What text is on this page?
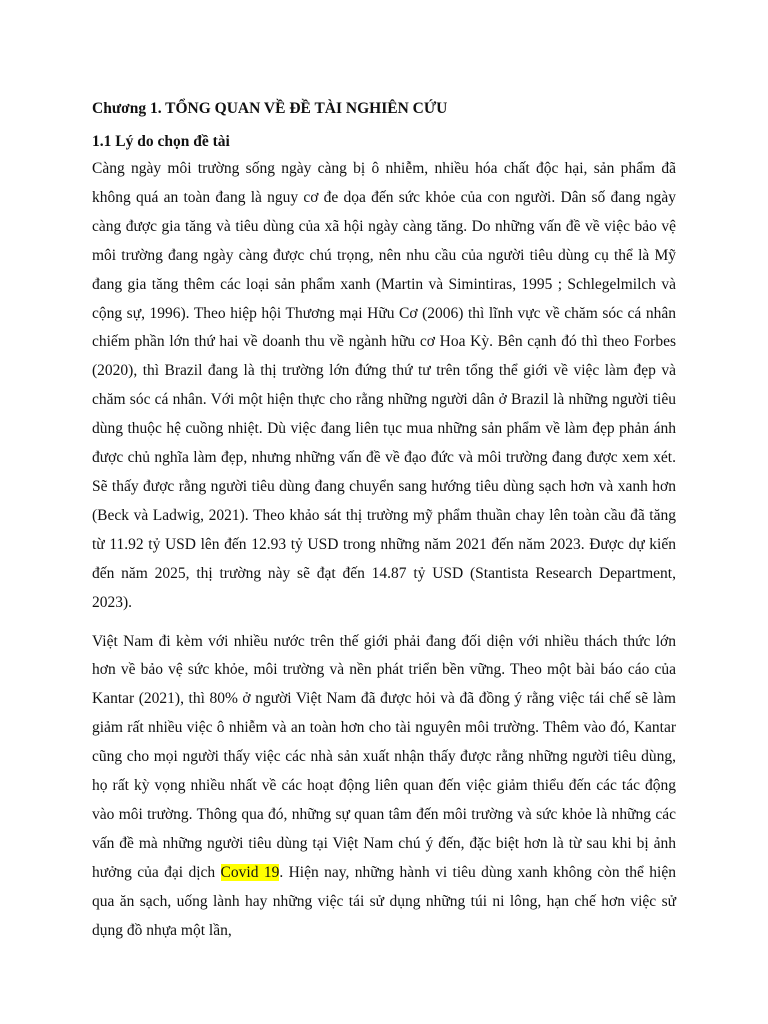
Chương 1. TỔNG QUAN VỀ ĐỀ TÀI NGHIÊN CỨU

1.1 Lý do chọn đề tài

Càng ngày môi trường sống ngày càng bị ô nhiễm, nhiều hóa chất độc hại, sản phẩm đã không quá an toàn đang là nguy cơ đe dọa đến sức khỏe của con người. Dân số đang ngày càng được gia tăng và tiêu dùng của xã hội ngày càng tăng. Do những vấn đề về việc bảo vệ môi trường đang ngày càng được chú trọng, nên nhu cầu của người tiêu dùng cụ thể là Mỹ đang gia tăng thêm các loại sản phẩm xanh (Martin và Simintiras, 1995 ; Schlegelmilch và cộng sự, 1996). Theo hiệp hội Thương mại Hữu Cơ (2006) thì lĩnh vực về chăm sóc cá nhân chiếm phần lớn thứ hai về doanh thu về ngành hữu cơ Hoa Kỳ. Bên cạnh đó thì theo Forbes (2020), thì Brazil đang là thị trường lớn đứng thứ tư trên tổng thể giới về việc làm đẹp và chăm sóc cá nhân. Với một hiện thực cho rằng những người dân ở Brazil là những người tiêu dùng thuộc hệ cuồng nhiệt. Dù việc đang liên tục mua những sản phẩm về làm đẹp phản ánh được chủ nghĩa làm đẹp, nhưng những vấn đề về đạo đức và môi trường đang được xem xét. Sẽ thấy được rằng người tiêu dùng đang chuyển sang hướng tiêu dùng sạch hơn và xanh hơn (Beck và Ladwig, 2021). Theo khảo sát thị trường mỹ phẩm thuần chay lên toàn cầu đã tăng từ 11.92 tỷ USD lên đến 12.93 tỷ USD trong những năm 2021 đến năm 2023. Được dự kiến đến năm 2025, thị trường này sẽ đạt đến 14.87 tỷ USD (Stantista Research Department, 2023).

Việt Nam đi kèm với nhiều nước trên thế giới phải đang đối diện với nhiều thách thức lớn hơn về bảo vệ sức khỏe, môi trường và nền phát triển bền vững. Theo một bài báo cáo của Kantar (2021), thì 80% ở người Việt Nam đã được hỏi và đã đồng ý rằng việc tái chế sẽ làm giảm rất nhiều việc ô nhiễm và an toàn hơn cho tài nguyên môi trường. Thêm vào đó, Kantar cũng cho mọi người thấy việc các nhà sản xuất nhận thấy được rằng những người tiêu dùng, họ rất kỳ vọng nhiều nhất về các hoạt động liên quan đến việc giảm thiểu đến các tác động vào môi trường. Thông qua đó, những sự quan tâm đến môi trường và sức khỏe là những các vấn đề mà những người tiêu dùng tại Việt Nam chú ý đến, đặc biệt hơn là từ sau khi bị ảnh hưởng của đại dịch Covid 19. Hiện nay, những hành vi tiêu dùng xanh không còn thể hiện qua ăn sạch, uống lành hay những việc tái sử dụng những túi ni lông, hạn chế hơn việc sử dụng đồ nhựa một lần,
